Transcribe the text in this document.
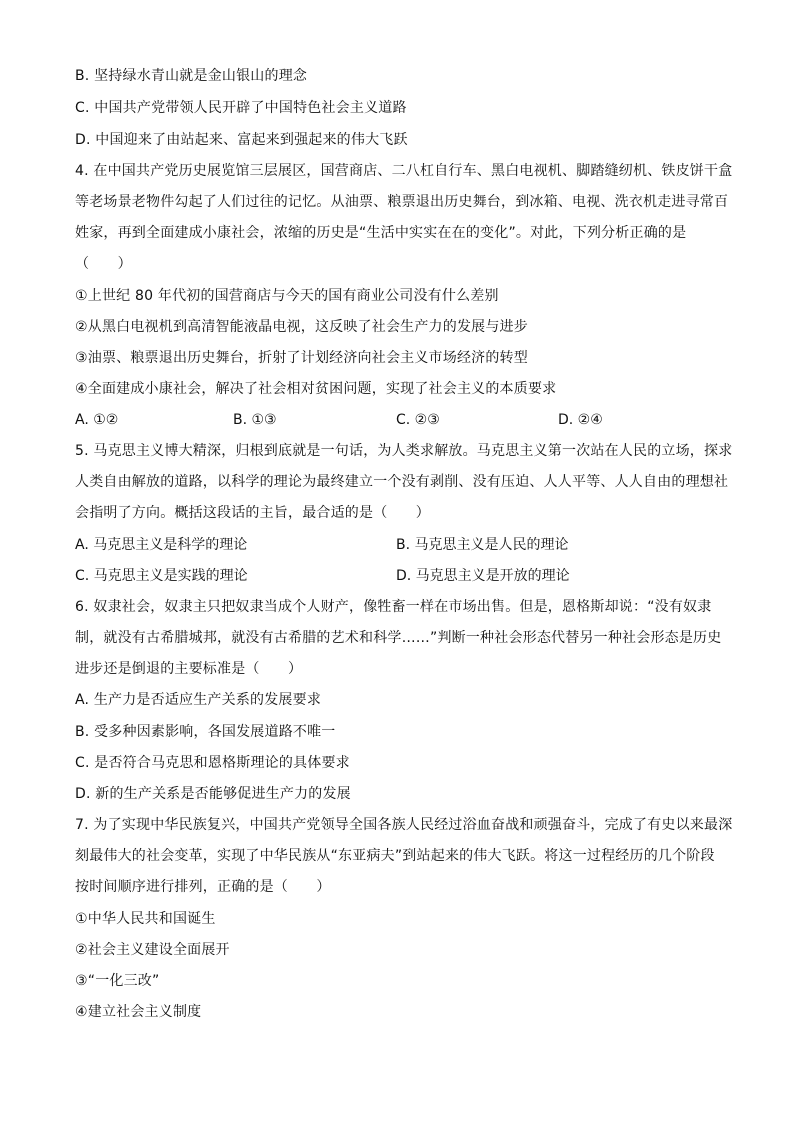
B. 坚持绿水青山就是金山银山的理念
C. 中国共产党带领人民开辟了中国特色社会主义道路
D. 中国迎来了由站起来、富起来到强起来的伟大飞跃
4. 在中国共产党历史展览馆三层展区，国营商店、二八杠自行车、黑白电视机、脚踏缝纫机、铁皮饼干盒
等老场景老物件勾起了人们过往的记忆。从油票、粮票退出历史舞台，到冰箱、电视、洗衣机走进寻常百
姓家，再到全面建成小康社会，浓缩的历史是“生活中实实在在的变化”。对此，下列分析正确的是
（　　）
①上世纪 80 年代初的国营商店与今天的国有商业公司没有什么差别
②从黑白电视机到高清智能液晶电视，这反映了社会生产力的发展与进步
③油票、粮票退出历史舞台，折射了计划经济向社会主义市场经济的转型
④全面建成小康社会，解决了社会相对贫困问题，实现了社会主义的本质要求
A. ①②	B. ①③	C. ②③	D. ②④
5. 马克思主义博大精深，归根到底就是一句话，为人类求解放。马克思主义第一次站在人民的立场，探求
人类自由解放的道路，以科学的理论为最终建立一个没有剥削、没有压迫、人人平等、人人自由的理想社
会指明了方向。概括这段话的主旨，最合适的是（　　）
A. 马克思主义是科学的理论	B. 马克思主义是人民的理论
C. 马克思主义是实践的理论	D. 马克思主义是开放的理论
6. 奴隶社会，奴隶主只把奴隶当成个人财产，像牲畜一样在市场出售。但是，恩格斯却说：“没有奴隶
制，就没有古希腊城邦，就没有古希腊的艺术和科学……”判断一种社会形态代替另一种社会形态是历史
进步还是倒退的主要标准是（　　）
A. 生产力是否适应生产关系的发展要求
B. 受多种因素影响，各国发展道路不唯一
C. 是否符合马克思和恩格斯理论的具体要求
D. 新的生产关系是否能够促进生产力的发展
7. 为了实现中华民族复兴，中国共产党领导全国各族人民经过浴血奋战和顽强奋斗，完成了有史以来最深
刻最伟大的社会变革，实现了中华民族从“东亚病夫”到站起来的伟大飞跃。将这一过程经历的几个阶段
按时间顺序进行排列，正确的是（　　）
①中华人民共和国诞生
②社会主义建设全面展开
③“一化三改”
④建立社会主义制度
